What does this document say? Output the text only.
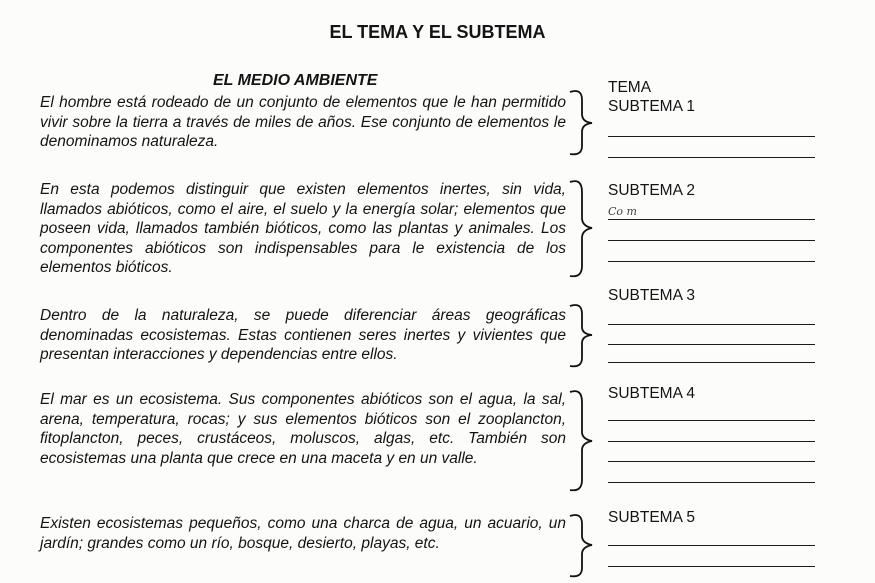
EL TEMA Y EL SUBTEMA
EL MEDIO AMBIENTE
El hombre está rodeado de un conjunto de elementos que le han permitido vivir sobre la tierra a través de miles de años. Ese conjunto de elementos le denominamos naturaleza.
En esta podemos distinguir que existen elementos inertes, sin vida, llamados abióticos, como el aire, el suelo y la energía solar; elementos que poseen vida, llamados también bióticos, como las plantas y animales. Los componentes abióticos son indispensables para le existencia de los elementos bióticos.
Dentro de la naturaleza, se puede diferenciar áreas geográficas denominadas ecosistemas. Estas contienen seres inertes y vivientes que presentan interacciones y dependencias entre ellos.
El mar es un ecosistema. Sus componentes abióticos son el agua, la sal, arena, temperatura, rocas; y sus elementos bióticos son el zooplancton, fitoplancton, peces, crustáceos, moluscos, algas, etc. También son ecosistemas una planta que crece en una maceta y en un valle.
Existen ecosistemas pequeños, como una charca de agua, un acuario, un jardín; grandes como un río, bosque, desierto, playas, etc.
TEMA
SUBTEMA 1
SUBTEMA 2
Co m
SUBTEMA 3
SUBTEMA 4
SUBTEMA 5
